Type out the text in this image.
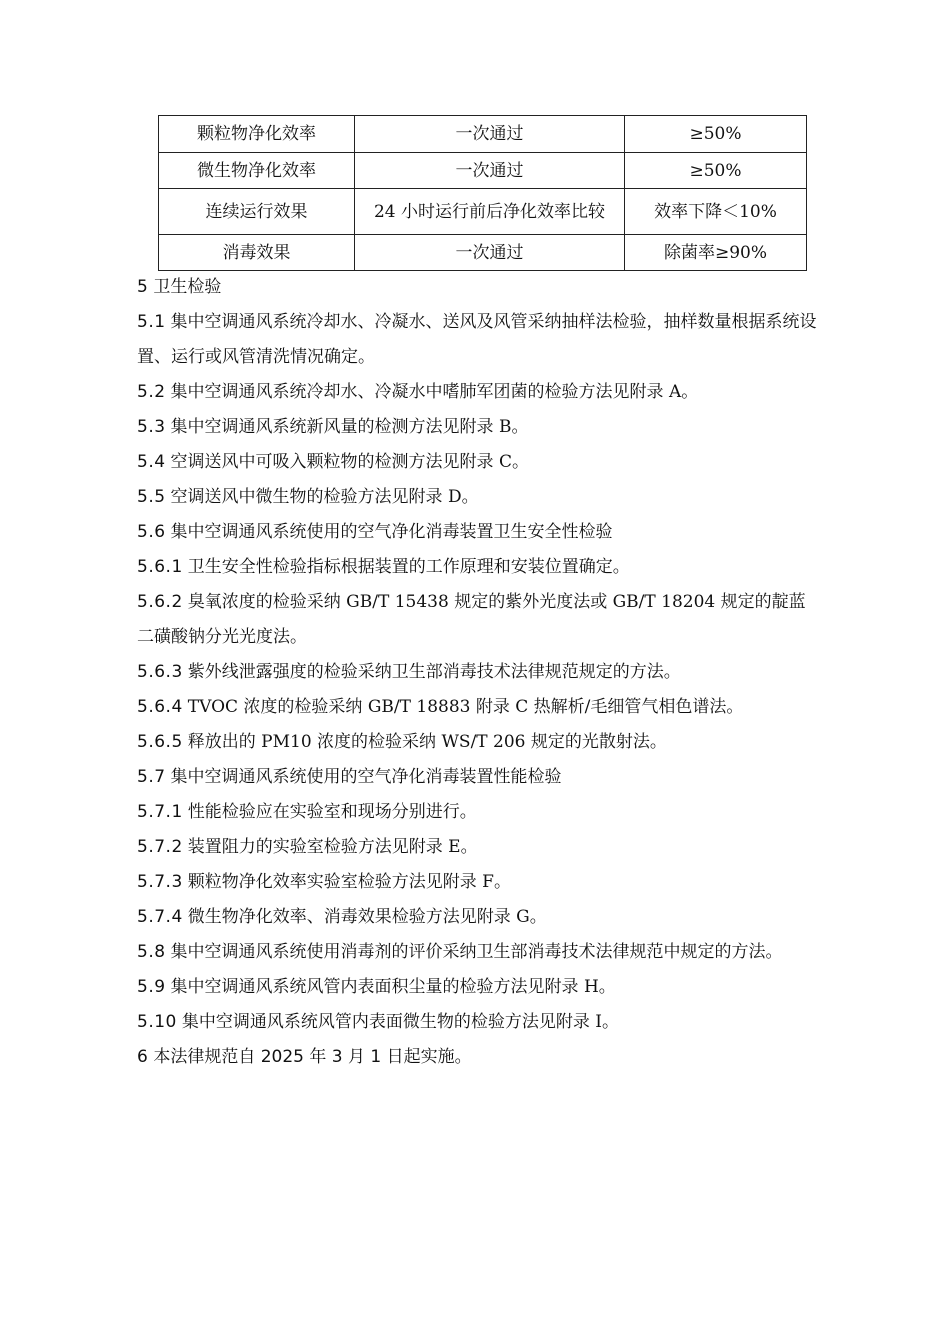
颗粒物净化效率	一次通过	≥50%
微生物净化效率	一次通过	≥50%
连续运行效果	24 小时运行前后净化效率比较	效率下降＜10%
消毒效果	一次通过	除菌率≥90%

5 卫生检验

5.1 集中空调通风系统冷却水、冷凝水、送风及风管采纳抽样法检验，抽样数量根据系统设置、运行或风管清洗情况确定。

5.2 集中空调通风系统冷却水、冷凝水中嗜肺军团菌的检验方法见附录 A。

5.3 集中空调通风系统新风量的检测方法见附录 B。

5.4 空调送风中可吸入颗粒物的检测方法见附录 C。

5.5 空调送风中微生物的检验方法见附录 D。

5.6 集中空调通风系统使用的空气净化消毒装置卫生安全性检验

5.6.1 卫生安全性检验指标根据装置的工作原理和安装位置确定。

5.6.2 臭氧浓度的检验采纳 GB/T 15438 规定的紫外光度法或 GB/T 18204 规定的靛蓝二磺酸钠分光光度法。

5.6.3 紫外线泄露强度的检验采纳卫生部消毒技术法律规范规定的方法。

5.6.4 TVOC 浓度的检验采纳 GB/T 18883 附录 C 热解析/毛细管气相色谱法。

5.6.5 释放出的 PM10 浓度的检验采纳 WS/T 206 规定的光散射法。

5.7 集中空调通风系统使用的空气净化消毒装置性能检验

5.7.1 性能检验应在实验室和现场分别进行。

5.7.2 装置阻力的实验室检验方法见附录 E。

5.7.3 颗粒物净化效率实验室检验方法见附录 F。

5.7.4 微生物净化效率、消毒效果检验方法见附录 G。

5.8 集中空调通风系统使用消毒剂的评价采纳卫生部消毒技术法律规范中规定的方法。

5.9 集中空调通风系统风管内表面积尘量的检验方法见附录 H。

5.10 集中空调通风系统风管内表面微生物的检验方法见附录 I。

6 本法律规范自 2025 年 3 月 1 日起实施。
